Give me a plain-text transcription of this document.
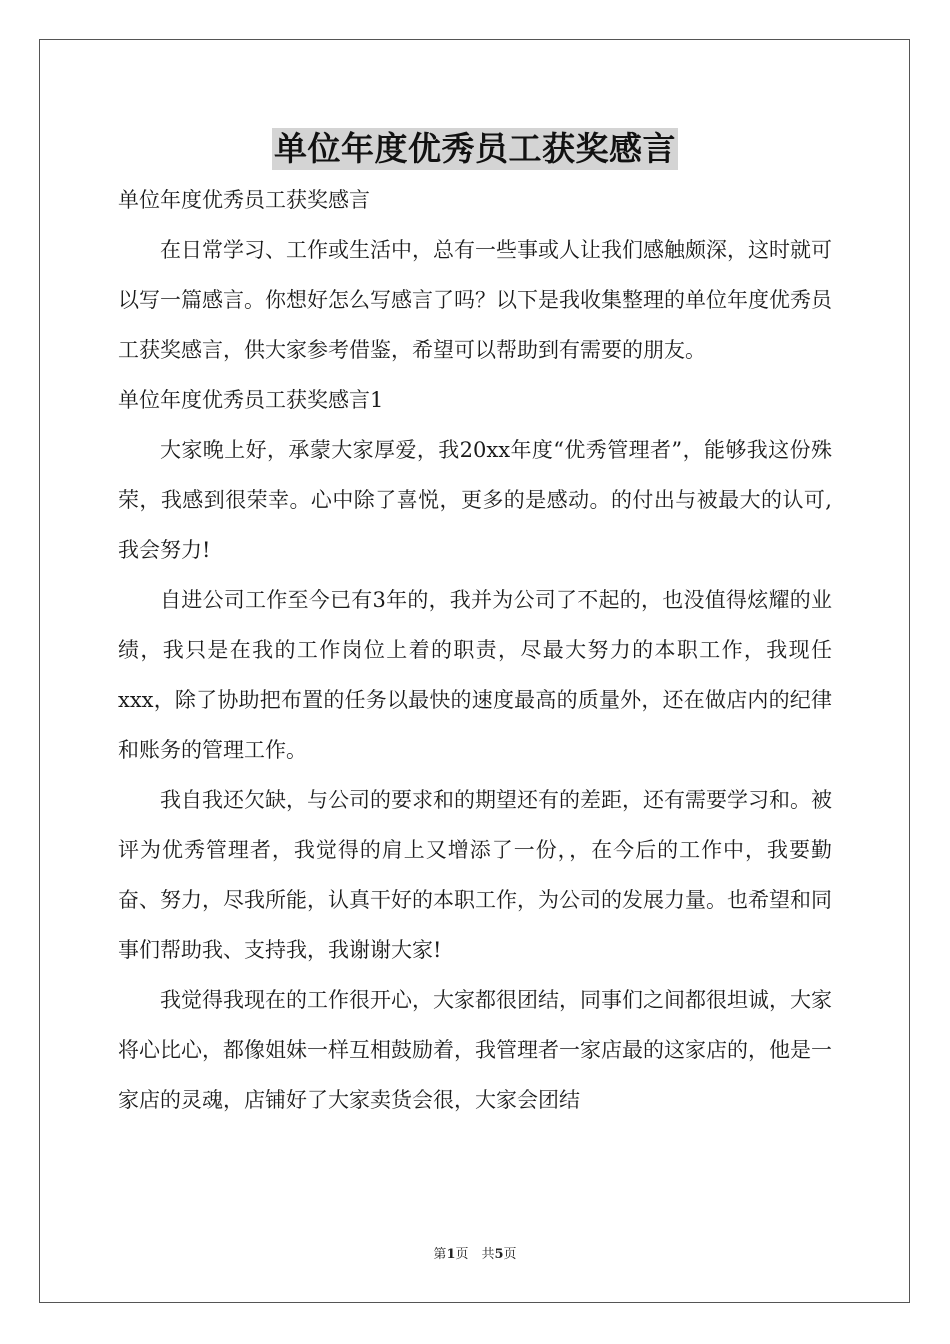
单位年度优秀员工获奖感言

单位年度优秀员工获奖感言

在日常学习、工作或生活中，总有一些事或人让我们感触颇深，这时就可以写一篇感言。你想好怎么写感言了吗？以下是我收集整理的单位年度优秀员工获奖感言，供大家参考借鉴，希望可以帮助到有需要的朋友。

单位年度优秀员工获奖感言1

大家晚上好，承蒙大家厚爱，我20xx年度“优秀管理者”，能够我这份殊荣，我感到很荣幸。心中除了喜悦，更多的是感动。的付出与被最大的认可,我会努力!

自进公司工作至今已有3年的，我并为公司了不起的，也没值得炫耀的业绩，我只是在我的工作岗位上着的职责，尽最大努力的本职工作，我现任xxx，除了协助把布置的任务以最快的速度最高的质量外，还在做店内的纪律和账务的管理工作。

我自我还欠缺，与公司的要求和的期望还有的差距，还有需要学习和。被评为优秀管理者，我觉得的肩上又增添了一份，，在今后的工作中，我要勤奋、努力，尽我所能，认真干好的本职工作，为公司的发展力量。也希望和同事们帮助我、支持我，我谢谢大家!

我觉得我现在的工作很开心，大家都很团结，同事们之间都很坦诚，大家将心比心，都像姐妹一样互相鼓励着，我管理者一家店最的这家店的，他是一家店的灵魂，店铺好了大家卖货会很，大家会团结

第1页　共5页
